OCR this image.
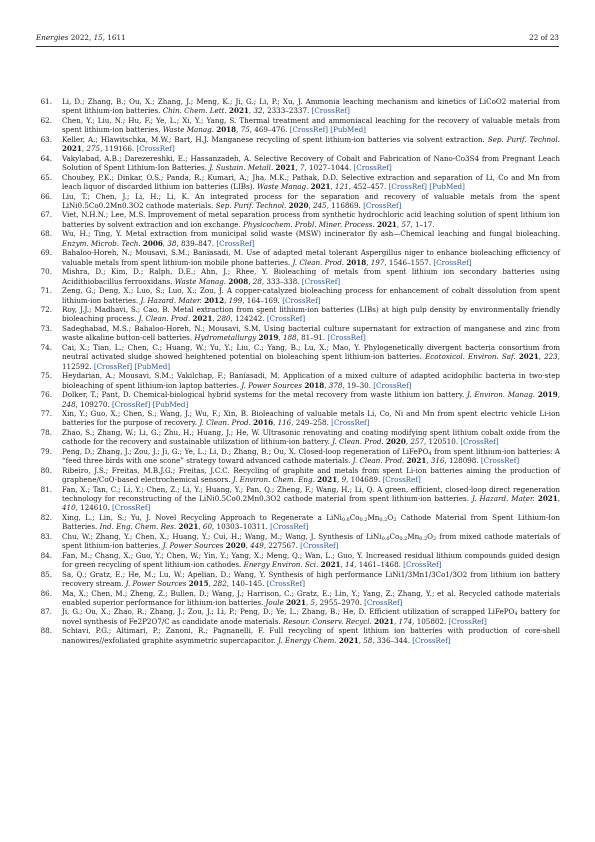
Energies 2022, 15, 1611	22 of 23

61. Li, D.; Zhang, B.; Ou, X.; Zhang, J.; Meng, K.; Ji, G.; Li, P.; Xu, J. Ammonia leaching mechanism and kinetics of LiCoO2 material from spent lithium-ion batteries. Chin. Chem. Lett. 2021, 32, 2333–2337. [CrossRef]

62. Chen, Y.; Liu, N.; Hu, F.; Ye, L.; Xi, Y.; Yang, S. Thermal treatment and ammoniacal leaching for the recovery of valuable metals from spent lithium-ion batteries. Waste Manag. 2018, 75, 469–476. [CrossRef] [PubMed]

63. Keller, A.; Hlawitschka, M.W.; Bart, H.J. Manganese recycling of spent lithium-ion batteries via solvent extraction. Sep. Purif. Technol. 2021, 275, 119166. [CrossRef]

64. Vakylabad, A.B.; Darezereshki, E.; Hassanzadeh, A. Selective Recovery of Cobalt and Fabrication of Nano-Co3S4 from Pregnant Leach Solution of Spent Lithium-Ion Batteries. J. Sustain. Metall. 2021, 7, 1027–1044. [CrossRef]

65. Choubey, P.K.; Dinkar, O.S.; Panda, R.; Kumari, A.; Jha, M.K.; Pathak, D.D. Selective extraction and separation of Li, Co and Mn from leach liquor of discarded lithium ion batteries (LIBs). Waste Manag. 2021, 121, 452–457. [CrossRef] [PubMed]

66. Liu, T.; Chen, J.; Li, H.; Li, K. An integrated process for the separation and recovery of valuable metals from the spent LiNi0.5Co0.2Mn0.3O2 cathode materials. Sep. Purif. Technol. 2020, 245, 116869. [CrossRef]

67. Viet, N.H.N.; Lee, M.S. Improvement of metal separation process from synthetic hydrochloric acid leaching solution of spent lithium ion batteries by solvent extraction and ion exchange. Physicochem. Probl. Miner. Process. 2021, 57, 1–17.

68. Wu, H.; Ting, Y. Metal extraction from municipal solid waste (MSW) incinerator fly ash—Chemical leaching and fungal bioleaching. Enzym. Microb. Tech. 2006, 38, 839–847. [CrossRef]

69. Bahaloo-Horeh, N.; Mousavi, S.M.; Baniasadi, M. Use of adapted metal tolerant Aspergillus niger to enhance bioleaching efficiency of valuable metals from spent lithium-ion mobile phone batteries. J. Clean. Prod. 2018, 197, 1546–1557. [CrossRef]

70. Mishra, D.; Kim, D.; Ralph, D.E.; Ahn, J.; Rhee, Y. Bioleaching of metals from spent lithium ion secondary batteries using Acidithiobacillus ferrooxidans. Waste Manag. 2008, 28, 333–338. [CrossRef]

71. Zeng, G.; Deng, X.; Luo, S.; Luo, X.; Zou, J. A copper-catalyzed bioleaching process for enhancement of cobalt dissolution from spent lithium-ion batteries. J. Hazard. Mater. 2012, 199, 164–169. [CrossRef]

72. Roy, J.J.; Madhavi, S.; Cao, B. Metal extraction from spent lithium-ion batteries (LIBs) at high pulp density by environmentally friendly bioleaching process. J. Clean. Prod. 2021, 280, 124242. [CrossRef]

73. Sadeghabad, M.S.; Bahaloo-Horeh, N.; Mousavi, S.M. Using bacterial culture supernatant for extraction of manganese and zinc from waste alkaline button-cell batteries. Hydrometallurgy 2019, 188, 81–91. [CrossRef]

74. Cai, X.; Tian, L.; Chen, C.; Huang, W.; Yu, Y.; Liu, C.; Yang, B.; Lu, X.; Mao, Y. Phylogenetically divergent bacteria consortium from neutral activated sludge showed heightened potential on bioleaching spent lithium-ion batteries. Ecotoxicol. Environ. Saf. 2021, 223, 112592. [CrossRef] [PubMed]

75. Heydarian, A.; Mousavi, S.M.; Vakilchap, F.; Baniasadi, M. Application of a mixed culture of adapted acidophilic bacteria in two-step bioleaching of spent lithium-ion laptop batteries. J. Power Sources 2018, 378, 19–30. [CrossRef]

76. Dolker, T.; Pant, D. Chemical-biological hybrid systems for the metal recovery from waste lithium ion battery. J. Environ. Manag. 2019, 248, 109270. [CrossRef] [PubMed]

77. Xin, Y.; Guo, X.; Chen, S.; Wang, J.; Wu, F.; Xin, B. Bioleaching of valuable metals Li, Co, Ni and Mn from spent electric vehicle Li-ion batteries for the purpose of recovery. J. Clean. Prod. 2016, 116, 249–258. [CrossRef]

78. Zhao, S.; Zhang, W.; Li, G.; Zhu, H.; Huang, J.; He, W. Ultrasonic renovating and coating modifying spent lithium cobalt oxide from the cathode for the recovery and sustainable utilization of lithium-ion battery. J. Clean. Prod. 2020, 257, 120510. [CrossRef]

79. Peng, D.; Zhang, J.; Zou, J.; Ji, G.; Ye, L.; Li, D.; Zhang, B.; Ou, X. Closed-loop regeneration of LiFePO$_4$ from spent lithium-ion batteries: A “feed three birds with one scone” strategy toward advanced cathode materials. J. Clean. Prod. 2021, 316, 128098. [CrossRef]

80. Ribeiro, J.S.; Freitas, M.B.J.G.; Freitas, J.C.C. Recycling of graphite and metals from spent Li-ion batteries aiming the production of graphene/CoO-based electrochemical sensors. J. Environ. Chem. Eng. 2021, 9, 104689. [CrossRef]

81. Fan, X.; Tan, C.; Li, Y.; Chen, Z.; Li, Y.; Huang, Y.; Pan, Q.; Zheng, F.; Wang, H.; Li, Q. A green, efficient, closed-loop direct regeneration technology for reconstructing of the LiNi0.5Co0.2Mn0.3O2 cathode material from spent lithium-ion batteries. J. Hazard. Mater. 2021, 410, 124610. [CrossRef]

82. Xing, L.; Lin, S.; Yu, J. Novel Recycling Approach to Regenerate a $LiNi_{0.6}Co_{0.2}Mn_{0.2}O_2$ Cathode Material from Spent Lithium-Ion Batteries. Ind. Eng. Chem. Res. 2021, 60, 10303–10311. [CrossRef]

83. Chu, W.; Zhang, Y.; Chen, X.; Huang, Y.; Cui, H.; Wang, M.; Wang, J. Synthesis of $LiNi_{0.6}Co_{0.2}Mn_{0.2}O_2$ from mixed cathode materials of spent lithium-ion batteries. J. Power Sources 2020, 449, 227567. [CrossRef]

84. Fan, M.; Chang, X.; Guo, Y.; Chen, W.; Yin, Y.; Yang, X.; Meng, Q.; Wan, L.; Guo, Y. Increased residual lithium compounds guided design for green recycling of spent lithium-ion cathodes. Energy Environ. Sci. 2021, 14, 1461–1468. [CrossRef]

85. Sa, Q.; Gratz, E.; He, M.; Lu, W.; Apelian, D.; Wang, Y. Synthesis of high performance LiNi1/3Mn1/3Co1/3O2 from lithium ion battery recovery stream. J. Power Sources 2015, 282, 140–145. [CrossRef]

86. Ma, X.; Chen, M.; Zheng, Z.; Bullen, D.; Wang, J.; Harrison, C.; Gratz, E.; Lin, Y.; Yang, Z.; Zhang, Y.; et al. Recycled cathode materials enabled superior performance for lithium-ion batteries. Joule 2021, 5, 2955–2970. [CrossRef]

87. Ji, G.; Ou, X.; Zhao, R.; Zhang, J.; Zou, J.; Li, P.; Peng, D.; Ye, L.; Zhang, B.; He, D. Efficient utilization of scrapped LiFePO$_4$ battery for novel synthesis of Fe2P2O7/C as candidate anode materials. Resour. Conserv. Recycl. 2021, 174, 105802. [CrossRef]

88. Schiavi, P.G.; Altimari, P.; Zanoni, R.; Pagnanelli, F. Full recycling of spent lithium ion batteries with production of core-shell nanowires//exfoliated graphite asymmetric supercapacitor. J. Energy Chem. 2021, 58, 336–344. [CrossRef]
